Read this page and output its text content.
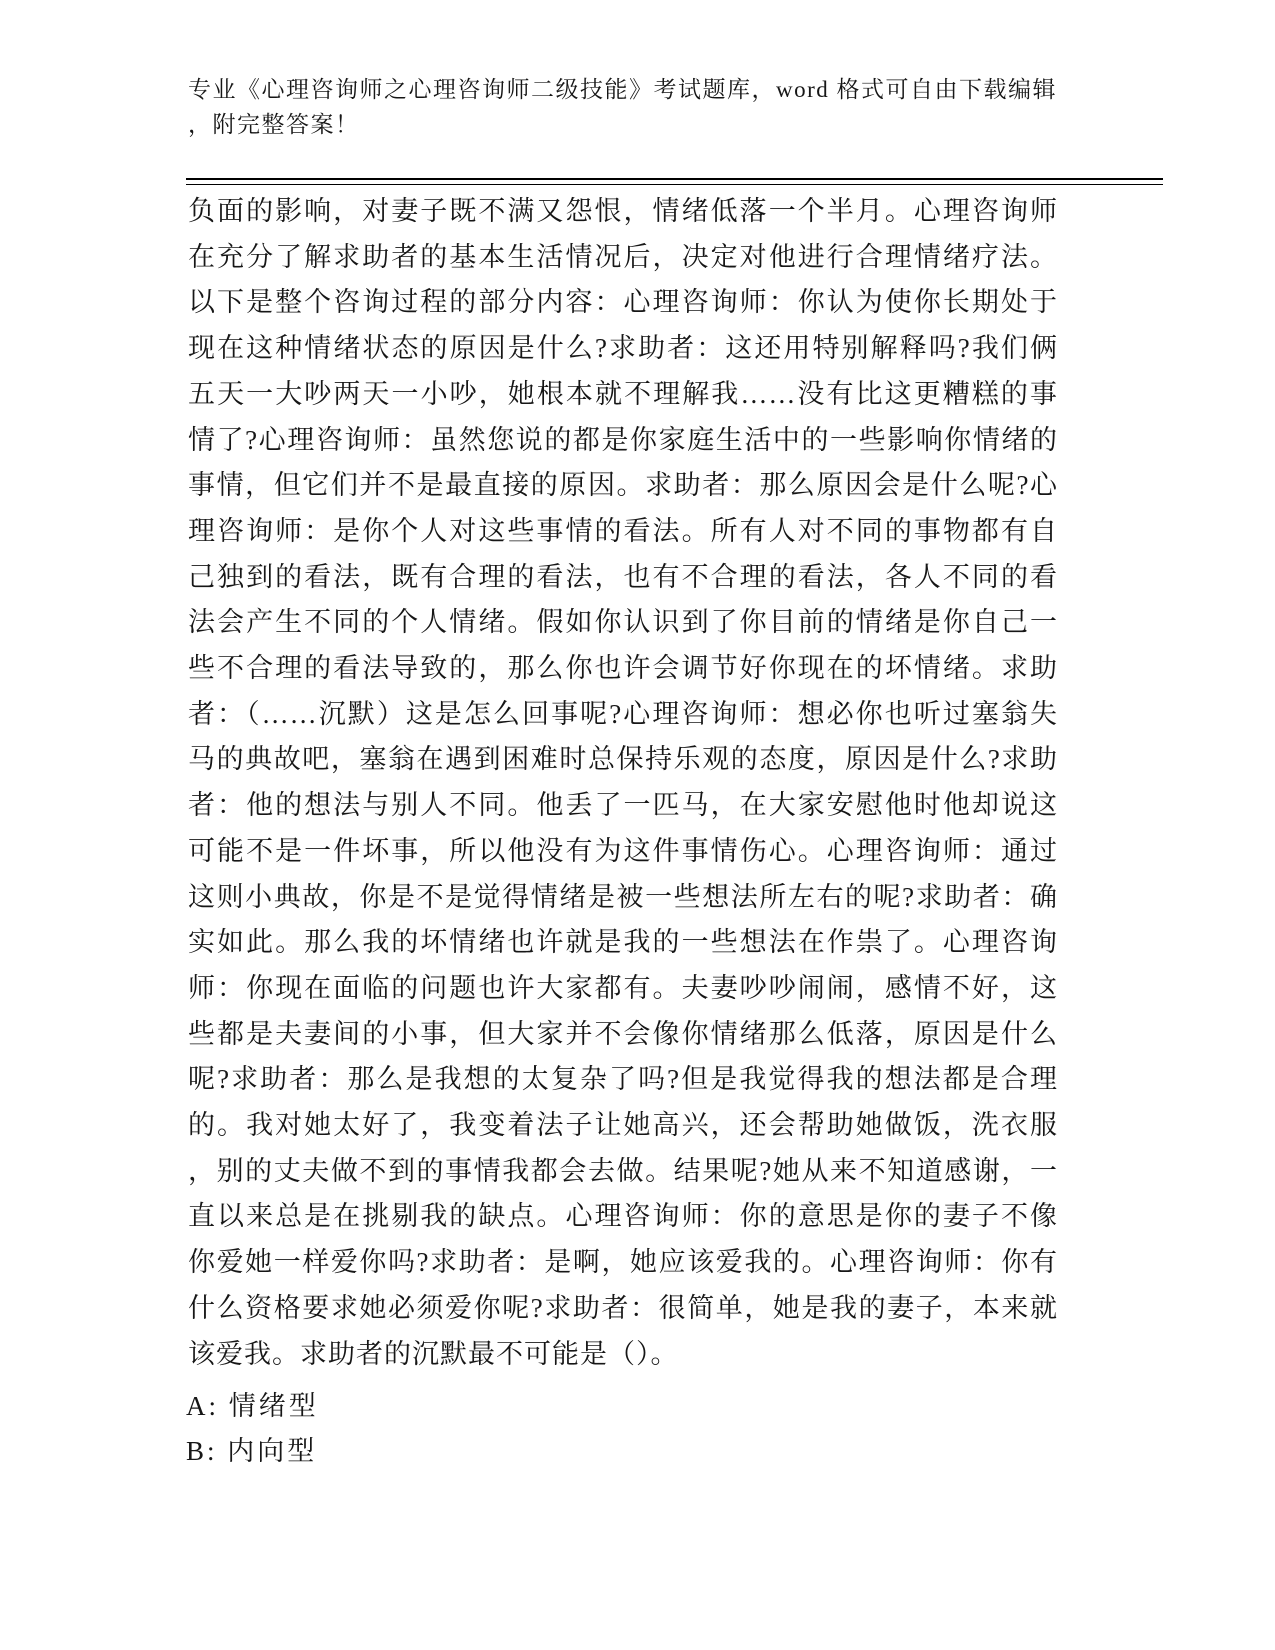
专业《心理咨询师之心理咨询师二级技能》考试题库，word 格式可自由下载编辑
，附完整答案！
负面的影响，对妻子既不满又怨恨，情绪低落一个半月。心理咨询师
在充分了解求助者的基本生活情况后，决定对他进行合理情绪疗法。
以下是整个咨询过程的部分内容：心理咨询师：你认为使你长期处于
现在这种情绪状态的原因是什么?求助者：这还用特别解释吗?我们俩
五天一大吵两天一小吵，她根本就不理解我……没有比这更糟糕的事
情了?心理咨询师：虽然您说的都是你家庭生活中的一些影响你情绪的
事情，但它们并不是最直接的原因。求助者：那么原因会是什么呢?心
理咨询师：是你个人对这些事情的看法。所有人对不同的事物都有自
己独到的看法，既有合理的看法，也有不合理的看法，各人不同的看
法会产生不同的个人情绪。假如你认识到了你目前的情绪是你自己一
些不合理的看法导致的，那么你也许会调节好你现在的坏情绪。求助
者：（……沉默）这是怎么回事呢?心理咨询师：想必你也听过塞翁失
马的典故吧，塞翁在遇到困难时总保持乐观的态度，原因是什么?求助
者：他的想法与别人不同。他丢了一匹马，在大家安慰他时他却说这
可能不是一件坏事，所以他没有为这件事情伤心。心理咨询师：通过
这则小典故，你是不是觉得情绪是被一些想法所左右的呢?求助者：确
实如此。那么我的坏情绪也许就是我的一些想法在作祟了。心理咨询
师：你现在面临的问题也许大家都有。夫妻吵吵闹闹，感情不好，这
些都是夫妻间的小事，但大家并不会像你情绪那么低落，原因是什么
呢?求助者：那么是我想的太复杂了吗?但是我觉得我的想法都是合理
的。我对她太好了，我变着法子让她高兴，还会帮助她做饭，洗衣服
，别的丈夫做不到的事情我都会去做。结果呢?她从来不知道感谢，一
直以来总是在挑剔我的缺点。心理咨询师：你的意思是你的妻子不像
你爱她一样爱你吗?求助者：是啊，她应该爱我的。心理咨询师：你有
什么资格要求她必须爱你呢?求助者：很简单，她是我的妻子，本来就
该爱我。求助者的沉默最不可能是（）。
A: 情绪型
B: 内向型
